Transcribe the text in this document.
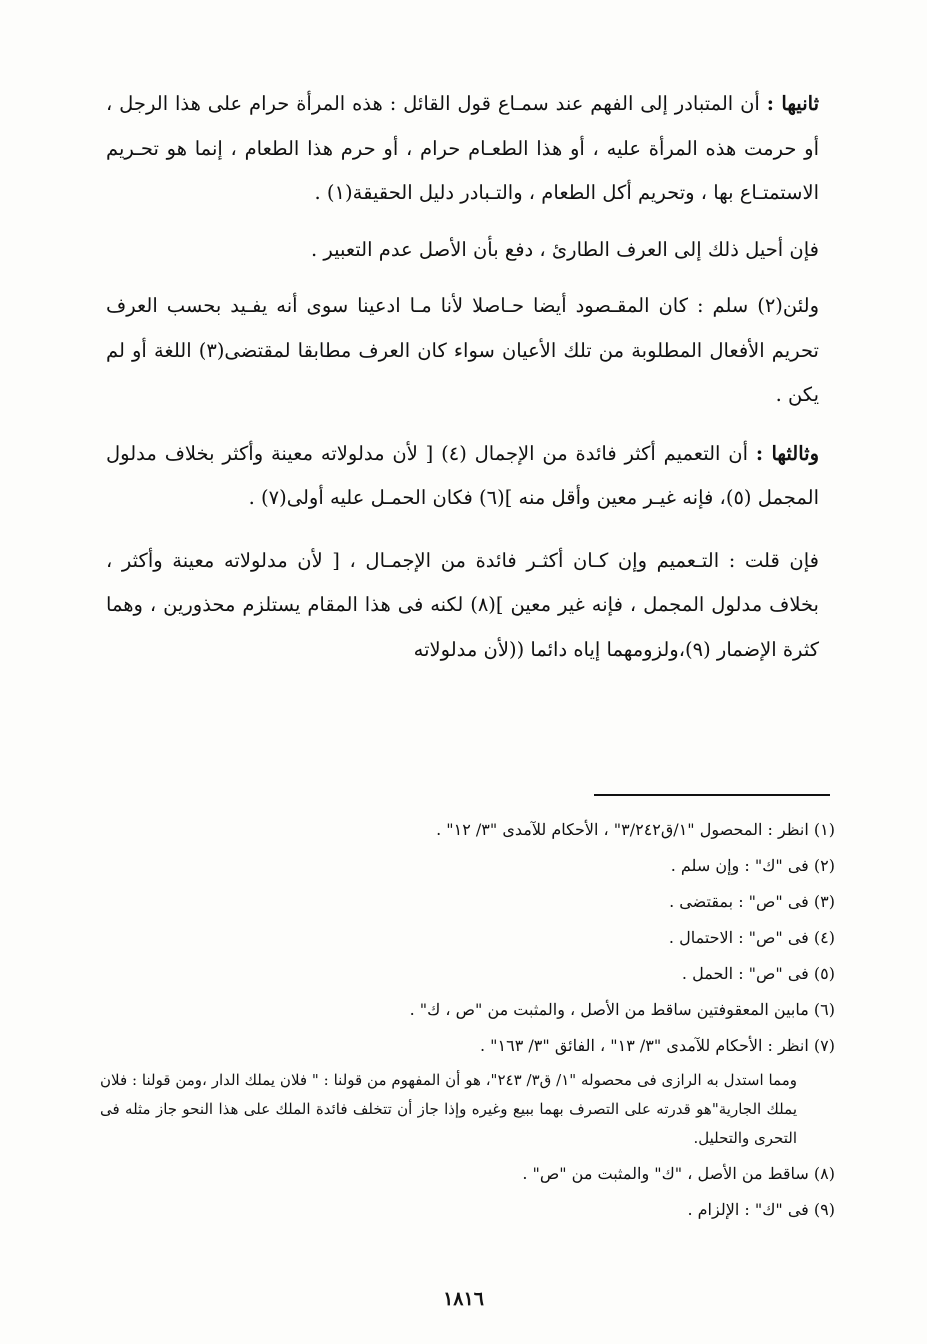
ثانيها : أن المتبادر إلى الفهم عند سمـاع قول القائل : هذه المرأة حرام على هذا الرجل ، أو حرمت هذه المرأة عليه ، أو هذا الطعـام حرام ، أو حرم هذا الطعام ، إنما هو تحـريم الاستمتـاع بها ، وتحريم أكل الطعام ، والتـبادر دليل الحقيقة(١) .

فإن أحيل ذلك إلى العرف الطارئ ، دفع بأن الأصل عدم التعبير .

ولئن(٢) سلم : كان المقـصود أيضا حـاصلا لأنا مـا ادعينا سوى أنه يفـيد بحسب العرف تحريم الأفعال المطلوبة من تلك الأعيان سواء كان العرف مطابقا لمقتضى(٣) اللغة أو لم يكن .

وثالثها : أن التعميم أكثر فائدة من الإجمال (٤) [ لأن مدلولاته معينة وأكثر بخلاف مدلول المجمل (٥)، فإنه غيـر معين وأقل منه ](٦) فكان الحمـل عليه أولى(٧) .

فإن قلت : التـعميم وإن كـان أكثـر فائدة من الإجمـال ، [ لأن مدلولاته معينة وأكثر ، بخلاف مدلول المجمل ، فإنه غير معين ](٨) لكنه فى هذا المقام يستلزم محذورين ، وهما كثرة الإضمار (٩)،ولزومهما إياه دائما ((لأن مدلولاته

(١) انظر : المحصول "١/ق٣/٢٤٢" ، الأحكام للآمدى "٣/ ١٢" .

(٢) فى "ك" : وإن سلم .

(٣) فى "ص" : بمقتضى .

(٤) فى "ص" : الاحتمال .

(٥) فى "ص" : الحمل .

(٦) مابين المعقوفتين ساقط من الأصل ، والمثبت من "ص ، ك" .

(٧) انظر : الأحكام للآمدى "٣/ ١٣" ، الفائق "٣/ ١٦٣" .

ومما استدل به الرازى فى محصوله "١/ ق٣/ ٢٤٣"، هو أن المفهوم من قولنا : " فلان يملك الدار ،ومن قولنا : فلان يملك الجارية"هو قدرته على التصرف بهما ببيع وغيره وإذا جاز أن تتخلف فائدة الملك على هذا النحو جاز مثله فى التحرى والتحليل.

(٨) ساقط من الأصل ، "ك" والمثبت من "ص" .

(٩) فى "ك" : الإلزام .

١٨١٦
